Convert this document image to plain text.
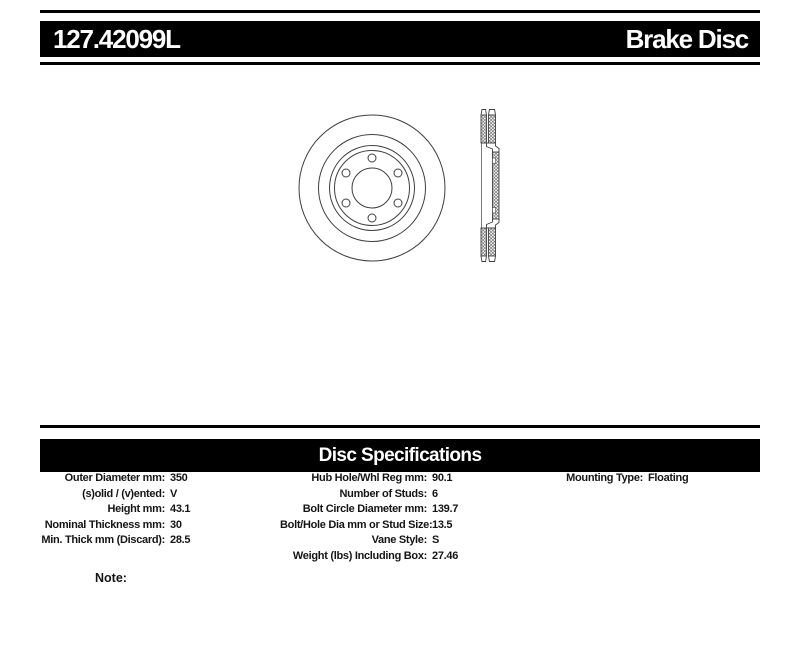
127.42099L	Brake Disc
Disc Specifications
Outer Diameter mm: 350
(s)olid / (v)ented: V
Height mm: 43.1
Nominal Thickness mm: 30
Min. Thick mm (Discard): 28.5
Hub Hole/Whl Reg mm: 90.1
Number of Studs: 6
Bolt Circle Diameter mm: 139.7
Bolt/Hole Dia mm or Stud Size: 13.5
Vane Style: S
Weight (lbs) Including Box: 27.46
Mounting Type: Floating
Note:
